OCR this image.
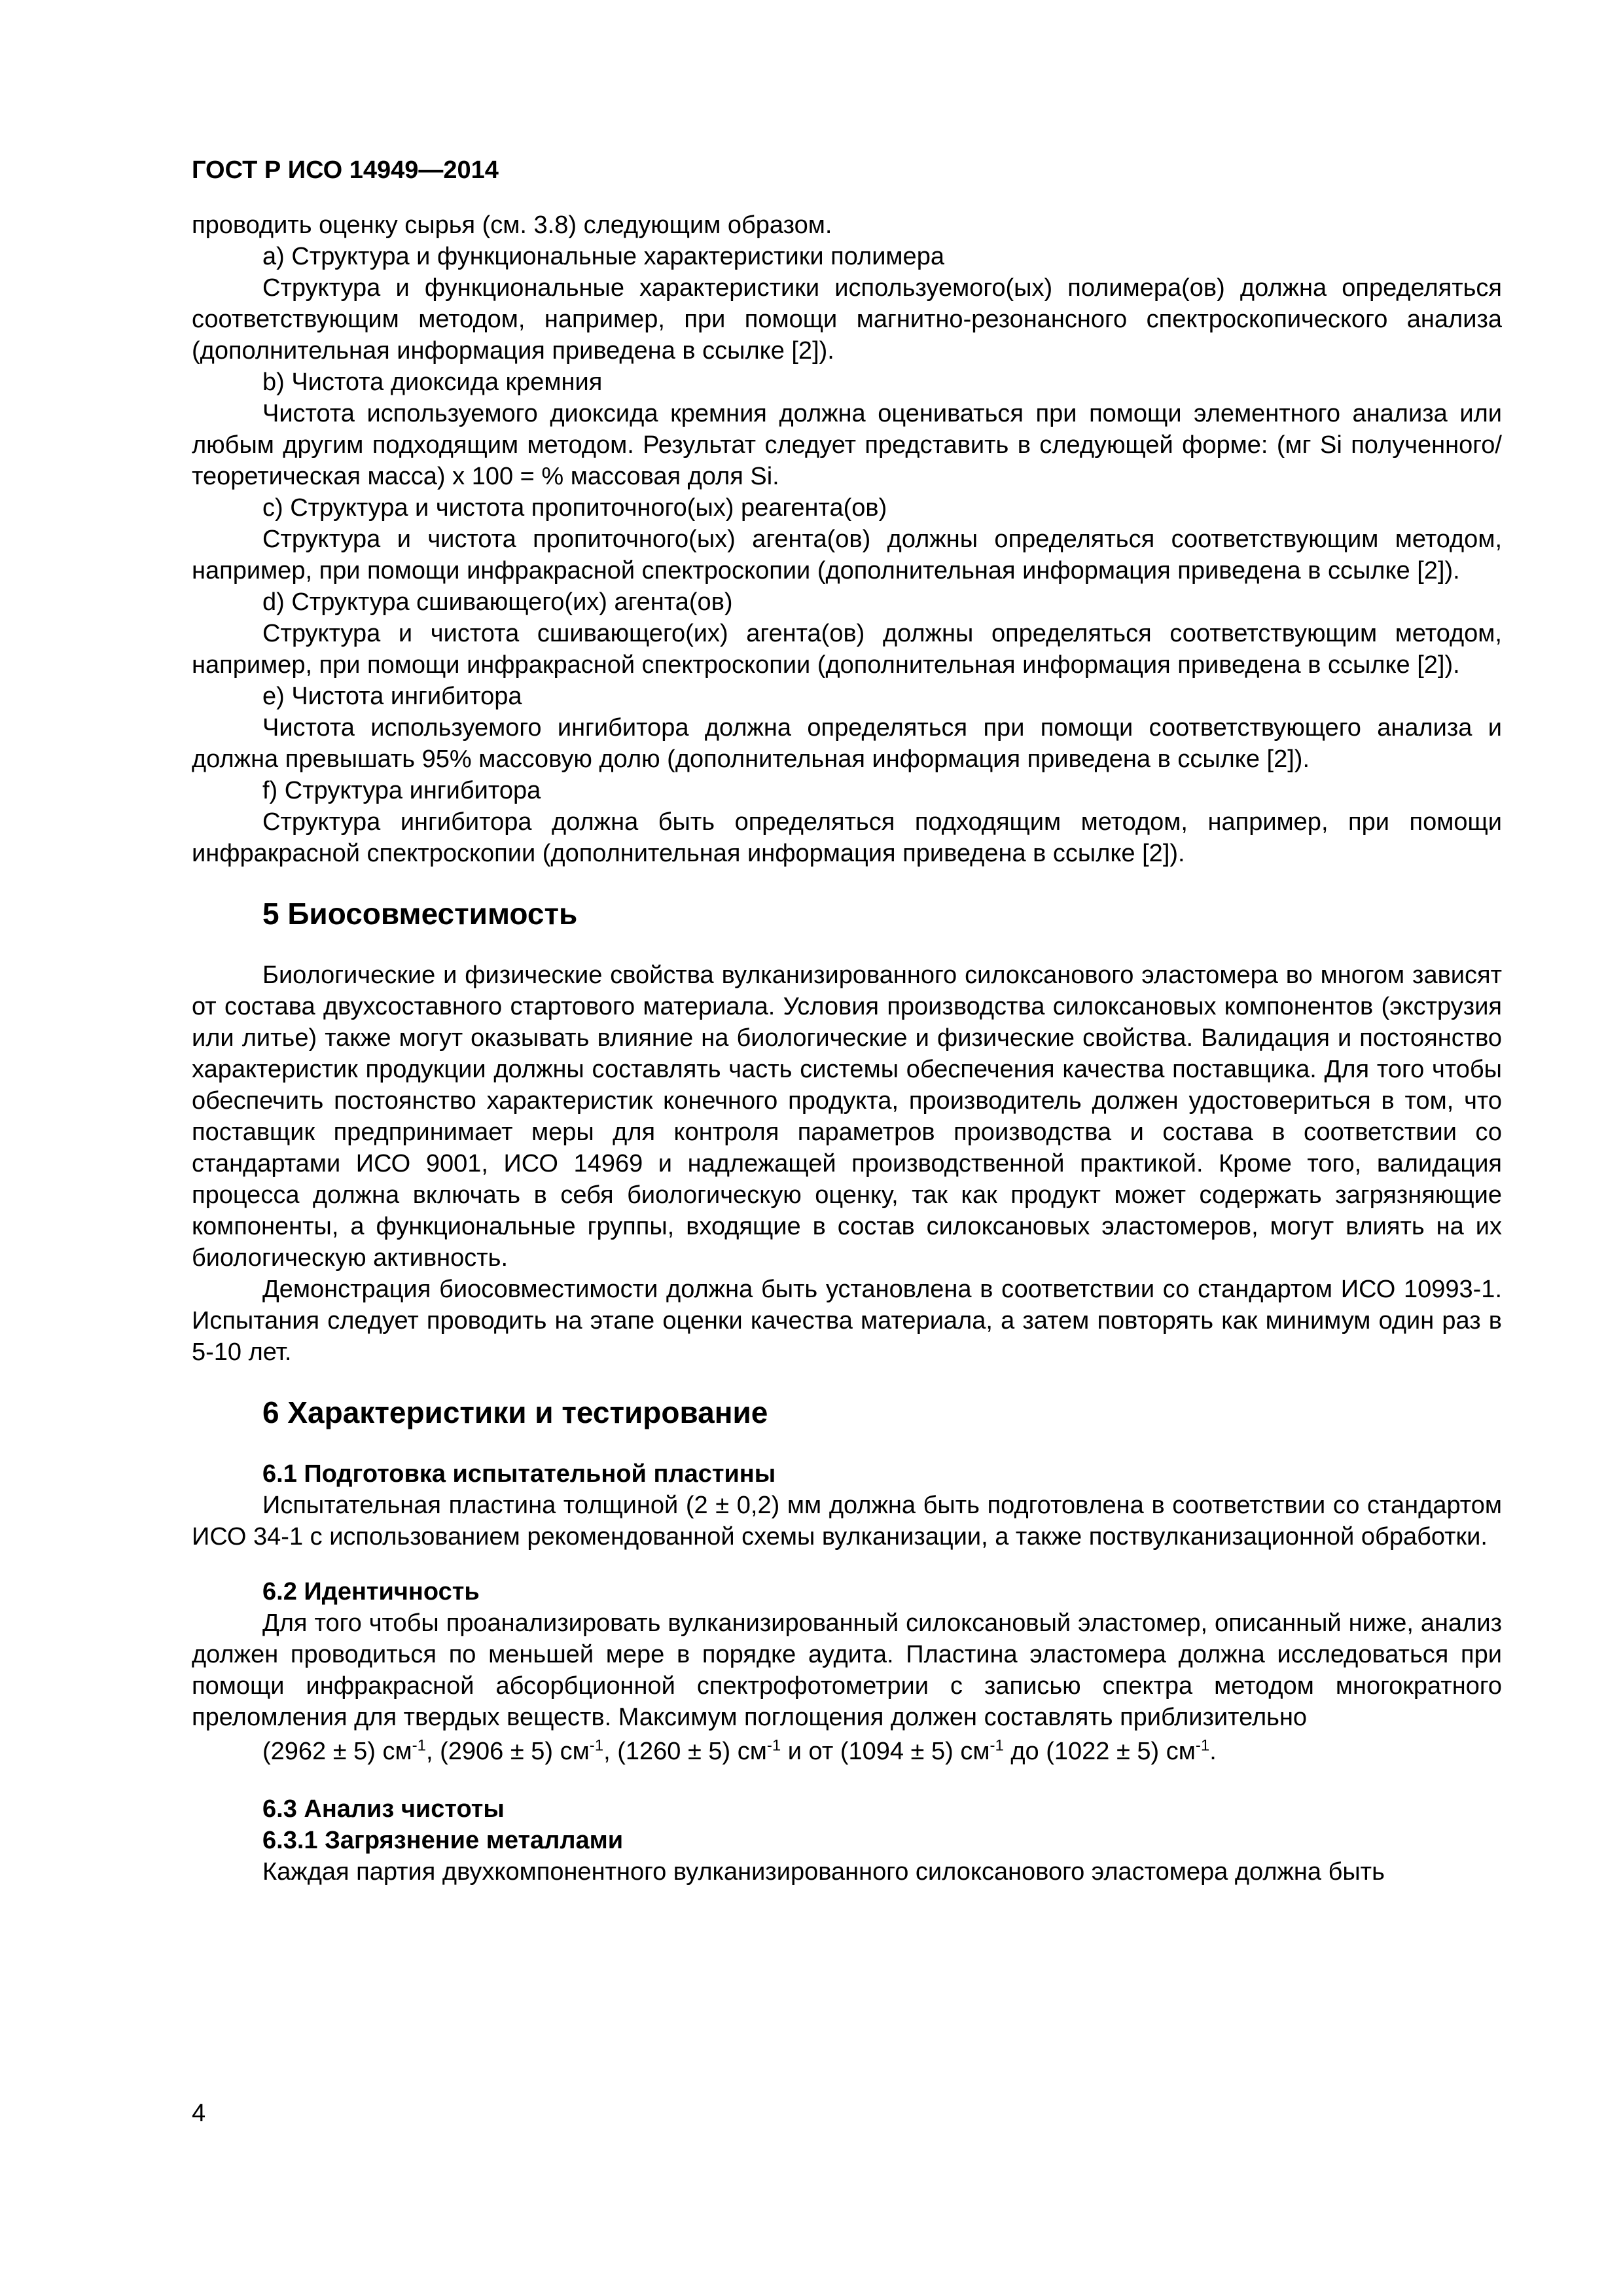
ГОСТ Р ИСО 14949—2014

проводить оценку сырья (см. 3.8) следующим образом.

a) Структура и функциональные характеристики полимера

Структура и функциональные характеристики используемого(ых) полимера(ов) должна определяться соответствующим методом, например, при помощи магнитно-резонансного спектроскопического анализа (дополнительная информация приведена в ссылке [2]).

b) Чистота диоксида кремния

Чистота используемого диоксида кремния должна оцениваться при помощи элементного анализа или любым другим подходящим методом. Результат следует представить в следующей форме: (мг Si полученного/теоретическая масса) x 100 = % массовая доля Si.

c) Структура и чистота пропиточного(ых) реагента(ов)

Структура и чистота пропиточного(ых) агента(ов) должны определяться соответствующим методом, например, при помощи инфракрасной спектроскопии (дополнительная информация приведена в ссылке [2]).

d) Структура сшивающего(их) агента(ов)

Структура и чистота сшивающего(их) агента(ов) должны определяться соответствующим методом, например, при помощи инфракрасной спектроскопии (дополнительная информация приведена в ссылке [2]).

e) Чистота ингибитора

Чистота используемого ингибитора должна определяться при помощи соответствующего анализа и должна превышать 95% массовую долю (дополнительная информация приведена в ссылке [2]).

f) Структура ингибитора

Структура ингибитора должна быть определяться подходящим методом, например, при помощи инфракрасной спектроскопии (дополнительная информация приведена в ссылке [2]).

5 Биосовместимость

Биологические и физические свойства вулканизированного силоксанового эластомера во многом зависят от состава двухсоставного стартового материала. Условия производства силоксановых компонентов (экструзия или литье) также могут оказывать влияние на биологические и физические свойства. Валидация и постоянство характеристик продукции должны составлять часть системы обеспечения качества поставщика. Для того чтобы обеспечить постоянство характеристик конечного продукта, производитель должен удостовериться в том, что поставщик предпринимает меры для контроля параметров производства и состава в соответствии со стандартами ИСО 9001, ИСО 14969 и надлежащей производственной практикой. Кроме того, валидация процесса должна включать в себя биологическую оценку, так как продукт может содержать загрязняющие компоненты, а функциональные группы, входящие в состав силоксановых эластомеров, могут влиять на их биологическую активность.

Демонстрация биосовместимости должна быть установлена в соответствии со стандартом ИСО 10993-1. Испытания следует проводить на этапе оценки качества материала, а затем повторять как минимум один раз в 5-10 лет.

6 Характеристики и тестирование
6.1 Подготовка испытательной пластины

Испытательная пластина толщиной (2 ± 0,2) мм должна быть подготовлена в соответствии со стандартом ИСО 34-1 с использованием рекомендованной схемы вулканизации, а также поствулканизационной обработки.

6.2 Идентичность

Для того чтобы проанализировать вулканизированный силоксановый эластомер, описанный ниже, анализ должен проводиться по меньшей мере в порядке аудита. Пластина эластомера должна исследоваться при помощи инфракрасной абсорбционной спектрофотометрии с записью спектра методом многократного преломления для твердых веществ. Максимум поглощения должен составлять приблизительно

(2962 ± 5) $см^{-1}$, (2906 ± 5) $см^{-1}$, (1260 ± 5) $см^{-1}$ и от (1094 ± 5) $см^{-1}$ до (1022 ± 5) $см^{-1}$.
6.3 Анализ чистоты
6.3.1 Загрязнение металлами

Каждая партия двухкомпонентного вулканизированного силоксанового эластомера должна быть

4
